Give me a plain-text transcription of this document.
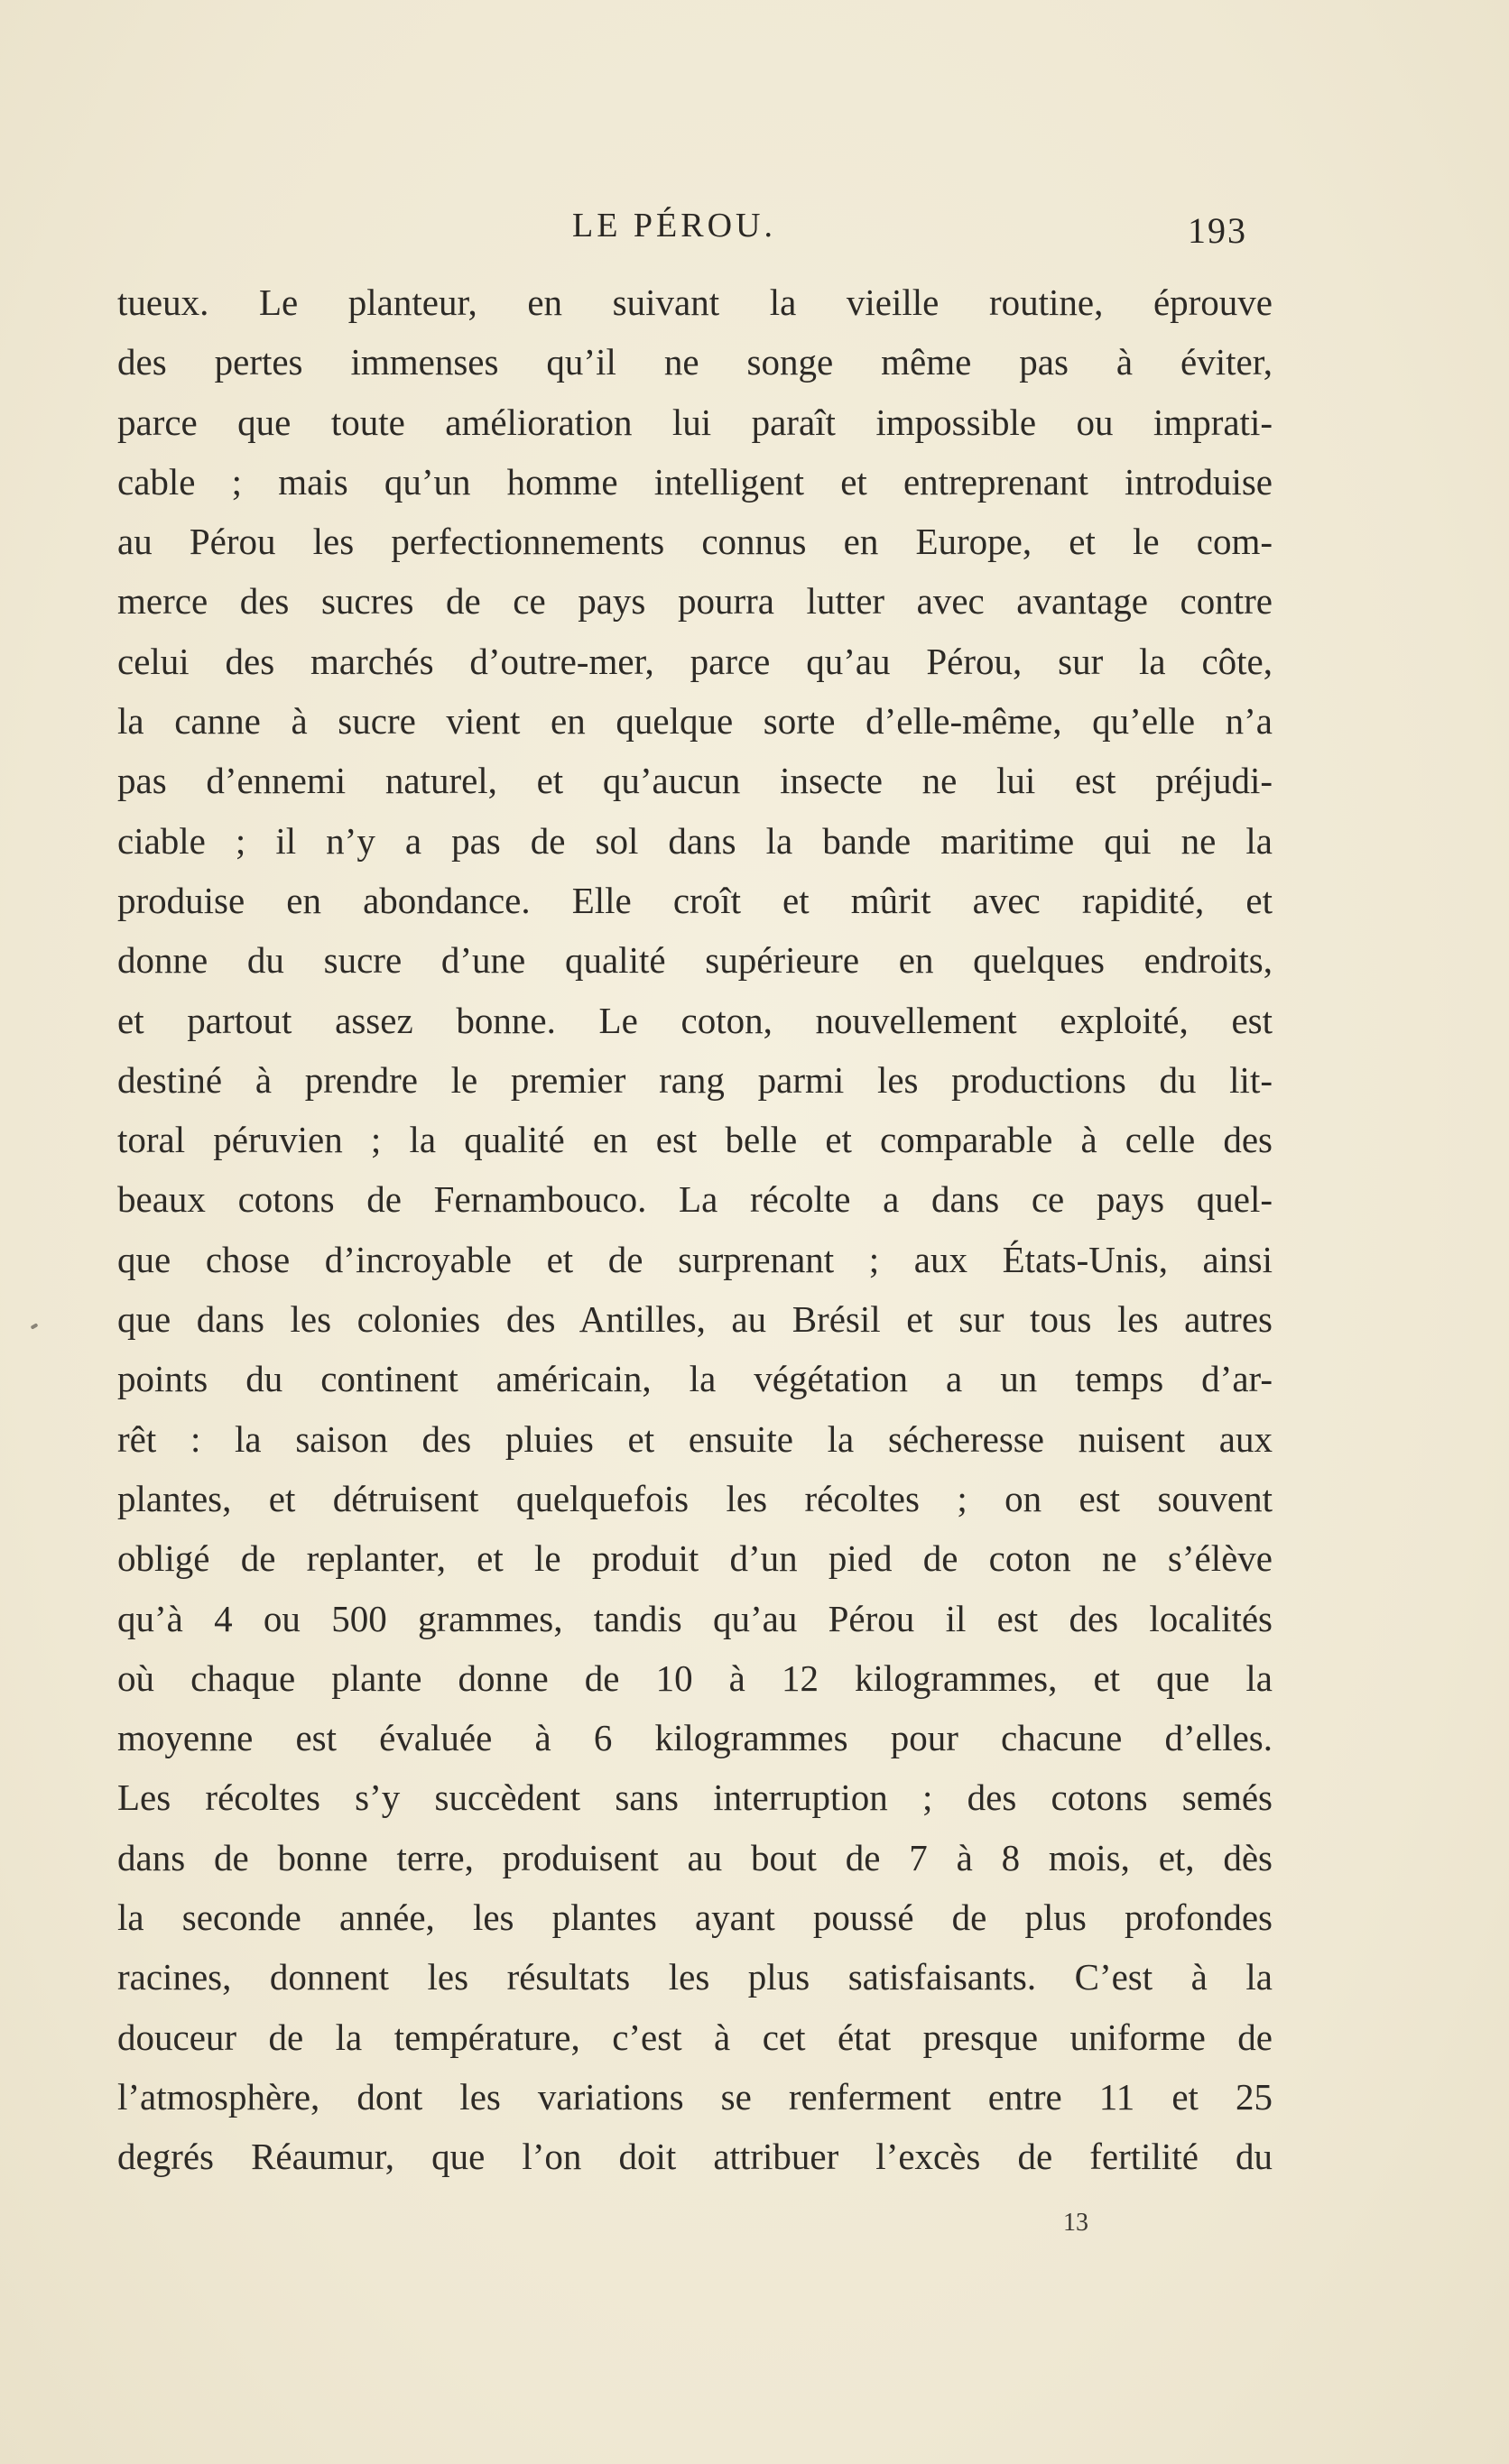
LE PÉROU.	193
tueux. Le planteur, en suivant la vieille routine, éprouve
des pertes immenses qu’il ne songe même pas à éviter,
parce que toute amélioration lui paraît impossible ou imprati-
cable ; mais qu’un homme intelligent et entreprenant introduise
au Pérou les perfectionnements connus en Europe, et le com-
merce des sucres de ce pays pourra lutter avec avantage contre
celui des marchés d’outre-mer, parce qu’au Pérou, sur la côte,
la canne à sucre vient en quelque sorte d’elle-même, qu’elle n’a
pas d’ennemi naturel, et qu’aucun insecte ne lui est préjudi-
ciable ; il n’y a pas de sol dans la bande maritime qui ne la
produise en abondance. Elle croît et mûrit avec rapidité, et
donne du sucre d’une qualité supérieure en quelques endroits,
et partout assez bonne. Le coton, nouvellement exploité, est
destiné à prendre le premier rang parmi les productions du lit-
toral péruvien ; la qualité en est belle et comparable à celle des
beaux cotons de Fernambouco. La récolte a dans ce pays quel-
que chose d’incroyable et de surprenant ; aux États-Unis, ainsi
que dans les colonies des Antilles, au Brésil et sur tous les autres
points du continent américain, la végétation a un temps d’ar-
rêt : la saison des pluies et ensuite la sécheresse nuisent aux
plantes, et détruisent quelquefois les récoltes ; on est souvent
obligé de replanter, et le produit d’un pied de coton ne s’élève
qu’à 4 ou 500 grammes, tandis qu’au Pérou il est des localités
où chaque plante donne de 10 à 12 kilogrammes, et que la
moyenne est évaluée à 6 kilogrammes pour chacune d’elles.
Les récoltes s’y succèdent sans interruption ; des cotons semés
dans de bonne terre, produisent au bout de 7 à 8 mois, et, dès
la seconde année, les plantes ayant poussé de plus profondes
racines, donnent les résultats les plus satisfaisants. C’est à la
douceur de la température, c’est à cet état presque uniforme de
l’atmosphère, dont les variations se renferment entre 11 et 25
degrés Réaumur, que l’on doit attribuer l’excès de fertilité du
13
